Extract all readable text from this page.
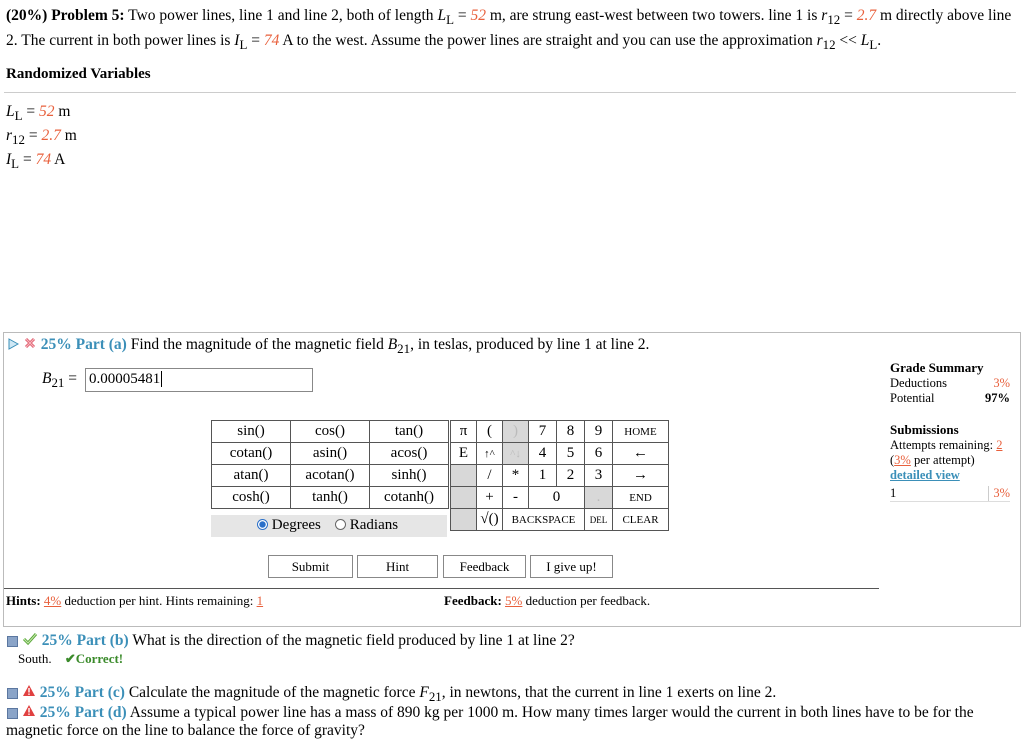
(20%) Problem 5: Two power lines, line 1 and line 2, both of length $L_L = 52$ m, are strung east-west between two towers. line 1 is $r_{12} = 2.7$ m directly above line 2. The current in both power lines is $I_L = 74$ A to the west. Assume the power lines are straight and you can use the approximation $r_{12} << L_L$.
Randomized Variables
$L_L = 52$ m
$r_{12} = 2.7$ m
$I_L = 74$ A
25% Part (a) Find the magnitude of the magnetic field $B_{21}$, in teslas, produced by line 1 at line 2.
$B_{21} = 0.00005481$
sin()	cos()	tan()
cotan()	asin()	acos()
atan()	acotan()	sinh()
cosh()	tanh()	cotanh()
Degrees	Radians
π	(	)	7	8	9	HOME
E	↑^	^↓	4	5	6	←
	/	*	1	2	3	→
	+	-	0		.	END
	√()	BACKSPACE			DEL	CLEAR
Submit	Hint	Feedback	I give up!
Hints: 4% deduction per hint. Hints remaining: 1	Feedback: 5% deduction per feedback.
Grade Summary
Deductions	3%
Potential	97%
Submissions
Attempts remaining: 2
(3% per attempt)
detailed view
1	3%
25% Part (b) What is the direction of the magnetic field produced by line 1 at line 2?
South. ✔Correct!
25% Part (c) Calculate the magnitude of the magnetic force $F_{21}$, in newtons, that the current in line 1 exerts on line 2.
25% Part (d) Assume a typical power line has a mass of 890 kg per 1000 m. How many times larger would the current in both lines have to be for the
magnetic force on the line to balance the force of gravity?
